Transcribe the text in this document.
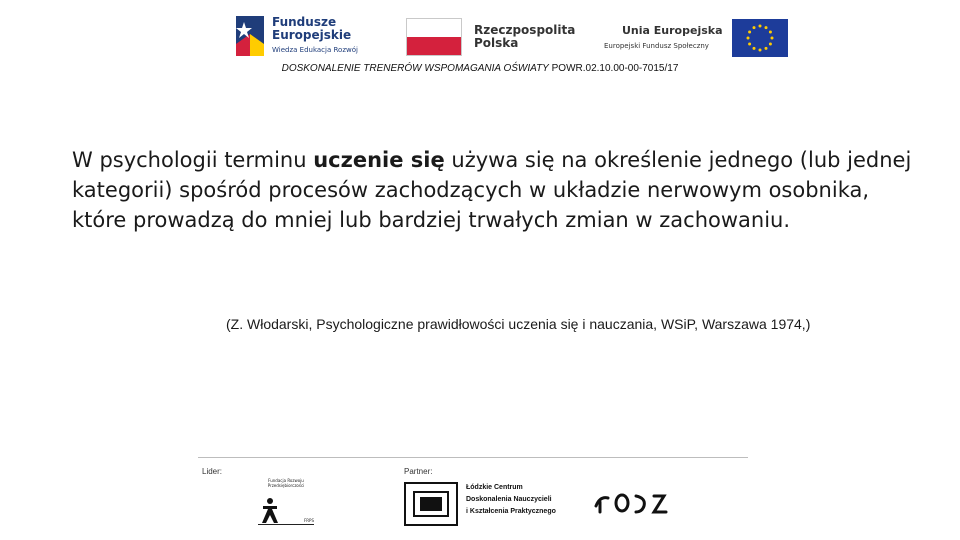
Fundusze
Europejskie
Wiedza Edukacja Rozwój
Rzeczpospolita
Polska
Unia Europejska
Europejski Fundusz Społeczny
DOSKONALENIE TRENERÓW WSPOMAGANIA OŚWIATY POWR.02.10.00-00-7015/17

W psychologii terminu uczenie się używa się na określenie jednego (lub jednej kategorii) spośród procesów zachodzących w układzie nerwowym osobnika, które prowadzą do mniej lub bardziej trwałych zmian w zachowaniu.

(Z. Włodarski, Psychologiczne prawidłowości uczenia się i nauczania, WSiP, Warszawa 1974,)
Lider:	Partner:
Fundacja Rozwoju Przedsiębiorczości
FRPS
Łódzkie Centrum
Doskonalenia Nauczycieli
i Kształcenia Praktycznego
